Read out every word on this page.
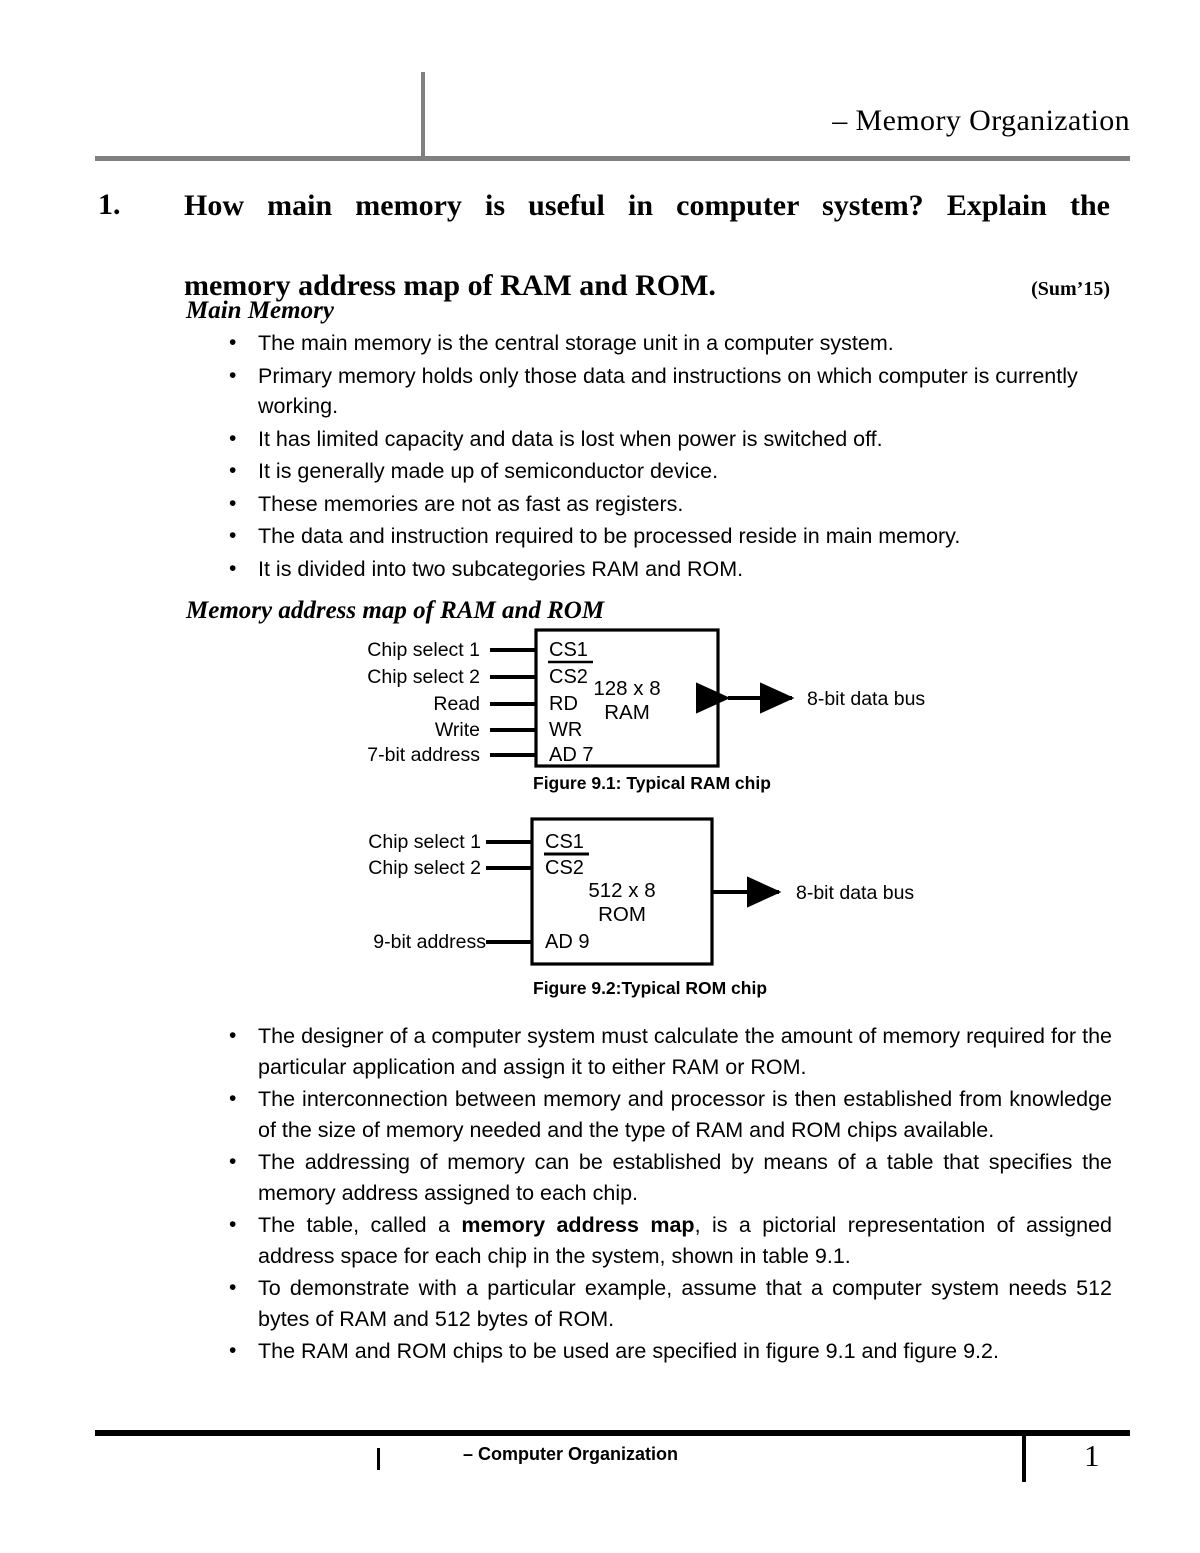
– Memory Organization
1. How main memory is useful in computer system? Explain the
memory address map of RAM and ROM.	(Sum’15)
Main Memory
• The main memory is the central storage unit in a computer system.
• Primary memory holds only those data and instructions on which computer is currently working.
• It has limited capacity and data is lost when power is switched off.
• It is generally made up of semiconductor device.
• These memories are not as fast as registers.
• The data and instruction required to be processed reside in main memory.
• It is divided into two subcategories RAM and ROM.
Memory address map of RAM and ROM
Chip select 1
Chip select 2
Read
Write
7-bit address
CS1
CS2
RD
WR
AD 7
128 x 8
RAM
8-bit data bus
Figure 9.1: Typical RAM chip
Chip select 1
Chip select 2
9-bit address
CS1
CS2
AD 9
512 x 8
ROM
8-bit data bus
Figure 9.2:Typical ROM chip
• The designer of a computer system must calculate the amount of memory required for the particular application and assign it to either RAM or ROM.
• The interconnection between memory and processor is then established from knowledge of the size of memory needed and the type of RAM and ROM chips available.
• The addressing of memory can be established by means of a table that specifies the memory address assigned to each chip.
• The table, called a memory address map, is a pictorial representation of assigned address space for each chip in the system, shown in table 9.1.
• To demonstrate with a particular example, assume that a computer system needs 512 bytes of RAM and 512 bytes of ROM.
• The RAM and ROM chips to be used are specified in figure 9.1 and figure 9.2.
– Computer Organization	1
